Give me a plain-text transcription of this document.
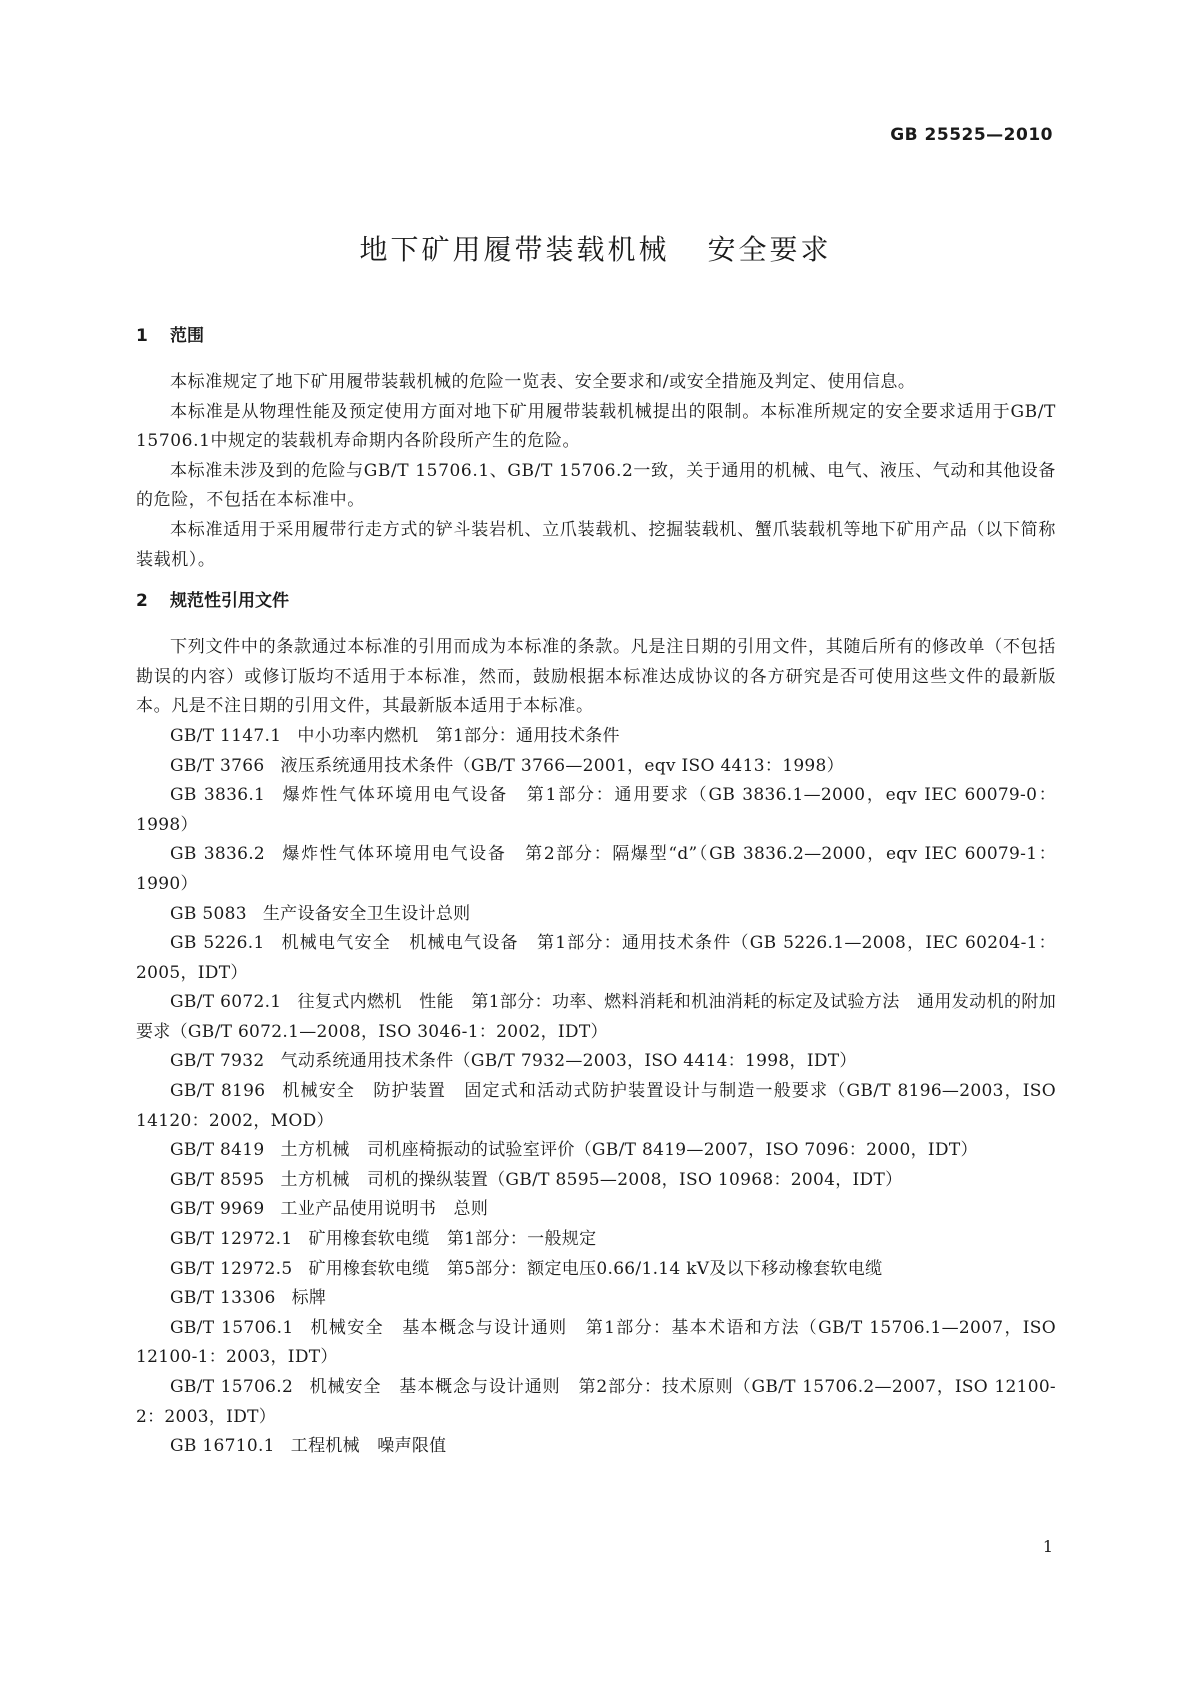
GB 25525—2010
地下矿用履带装载机械 安全要求
1 范围

本标准规定了地下矿用履带装载机械的危险一览表、安全要求和/或安全措施及判定、使用信息。

本标准是从物理性能及预定使用方面对地下矿用履带装载机械提出的限制。本标准所规定的安全要求适用于GB/T 15706.1中规定的装载机寿命期内各阶段所产生的危险。

本标准未涉及到的危险与GB/T 15706.1、GB/T 15706.2一致，关于通用的机械、电气、液压、气动和其他设备的危险，不包括在本标准中。

本标准适用于采用履带行走方式的铲斗装岩机、立爪装载机、挖掘装载机、蟹爪装载机等地下矿用产品（以下简称装载机）。

2 规范性引用文件

下列文件中的条款通过本标准的引用而成为本标准的条款。凡是注日期的引用文件，其随后所有的修改单（不包括勘误的内容）或修订版均不适用于本标准，然而，鼓励根据本标准达成协议的各方研究是否可使用这些文件的最新版本。凡是不注日期的引用文件，其最新版本适用于本标准。

GB/T 1147.1 中小功率内燃机　第1部分：通用技术条件

GB/T 3766 液压系统通用技术条件（GB/T 3766—2001，eqv ISO 4413：1998）

GB 3836.1 爆炸性气体环境用电气设备　第1部分：通用要求（GB 3836.1—2000，eqv IEC 60079-0：1998）

GB 3836.2 爆炸性气体环境用电气设备　第2部分：隔爆型“d”（GB 3836.2—2000，eqv IEC 60079-1：1990）

GB 5083 生产设备安全卫生设计总则

GB 5226.1 机械电气安全　机械电气设备　第1部分：通用技术条件（GB 5226.1—2008，IEC 60204-1：2005，IDT）

GB/T 6072.1 往复式内燃机　性能　第1部分：功率、燃料消耗和机油消耗的标定及试验方法　通用发动机的附加要求（GB/T 6072.1—2008，ISO 3046-1：2002，IDT）

GB/T 7932 气动系统通用技术条件（GB/T 7932—2003，ISO 4414：1998，IDT）

GB/T 8196 机械安全　防护装置　固定式和活动式防护装置设计与制造一般要求（GB/T 8196—2003，ISO 14120：2002，MOD）

GB/T 8419 土方机械　司机座椅振动的试验室评价（GB/T 8419—2007，ISO 7096：2000，IDT）

GB/T 8595 土方机械　司机的操纵装置（GB/T 8595—2008，ISO 10968：2004，IDT）

GB/T 9969 工业产品使用说明书　总则

GB/T 12972.1 矿用橡套软电缆　第1部分：一般规定

GB/T 12972.5 矿用橡套软电缆　第5部分：额定电压0.66/1.14 kV及以下移动橡套软电缆

GB/T 13306 标牌

GB/T 15706.1 机械安全　基本概念与设计通则　第1部分：基本术语和方法（GB/T 15706.1—2007，ISO 12100-1：2003，IDT）

GB/T 15706.2 机械安全　基本概念与设计通则　第2部分：技术原则（GB/T 15706.2—2007，ISO 12100-2：2003，IDT）

GB 16710.1 工程机械　噪声限值

1
